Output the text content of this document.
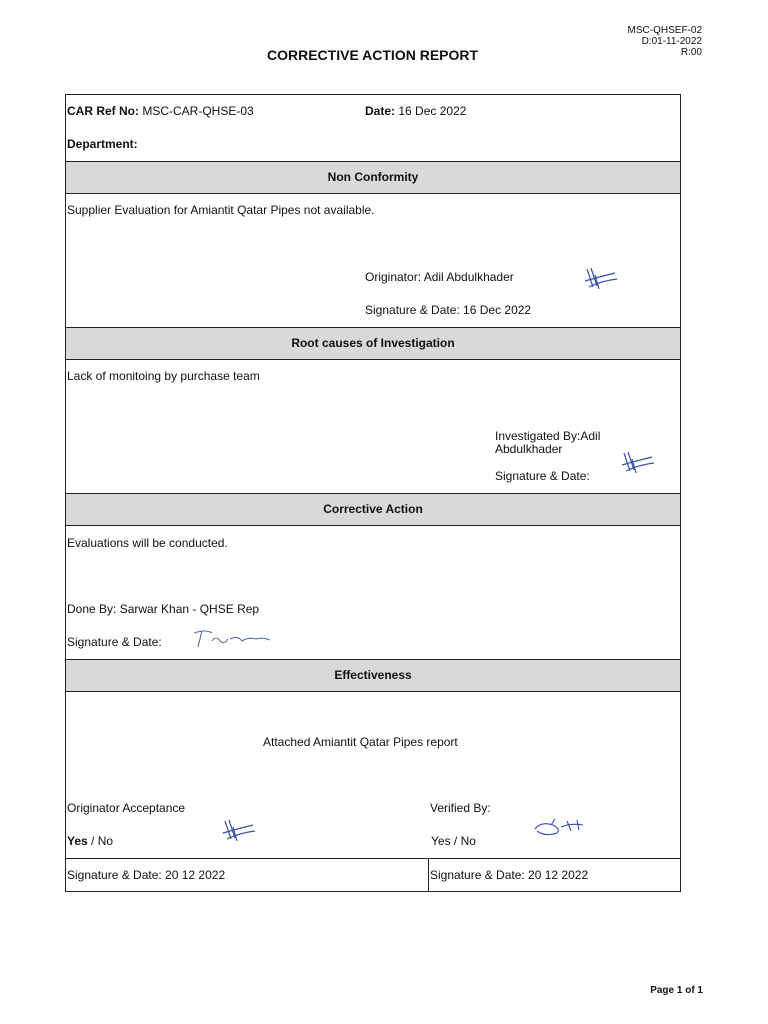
MSC-QHSEF-02
D:01-11-2022
R:00
CORRECTIVE ACTION REPORT
CAR Ref No: MSC-CAR-QHSE-03	Date: 16 Dec 2022
Department:
Non Conformity
Supplier Evaluation for Amiantit Qatar Pipes not available.
Originator: Adil Abdulkhader
Signature & Date: 16 Dec 2022
Root causes of Investigation
Lack of monitoing by purchase team
Investigated By:Adil
Abdulkhader
Signature & Date:
Corrective Action
Evaluations will be conducted.
Done By: Sarwar Khan - QHSE Rep
Signature & Date:
Effectiveness
Attached Amiantit Qatar Pipes report
Originator Acceptance	Verified By:
Yes / No	Yes / No
Signature & Date: 20 12 2022	Signature & Date: 20 12 2022
Page 1 of 1
